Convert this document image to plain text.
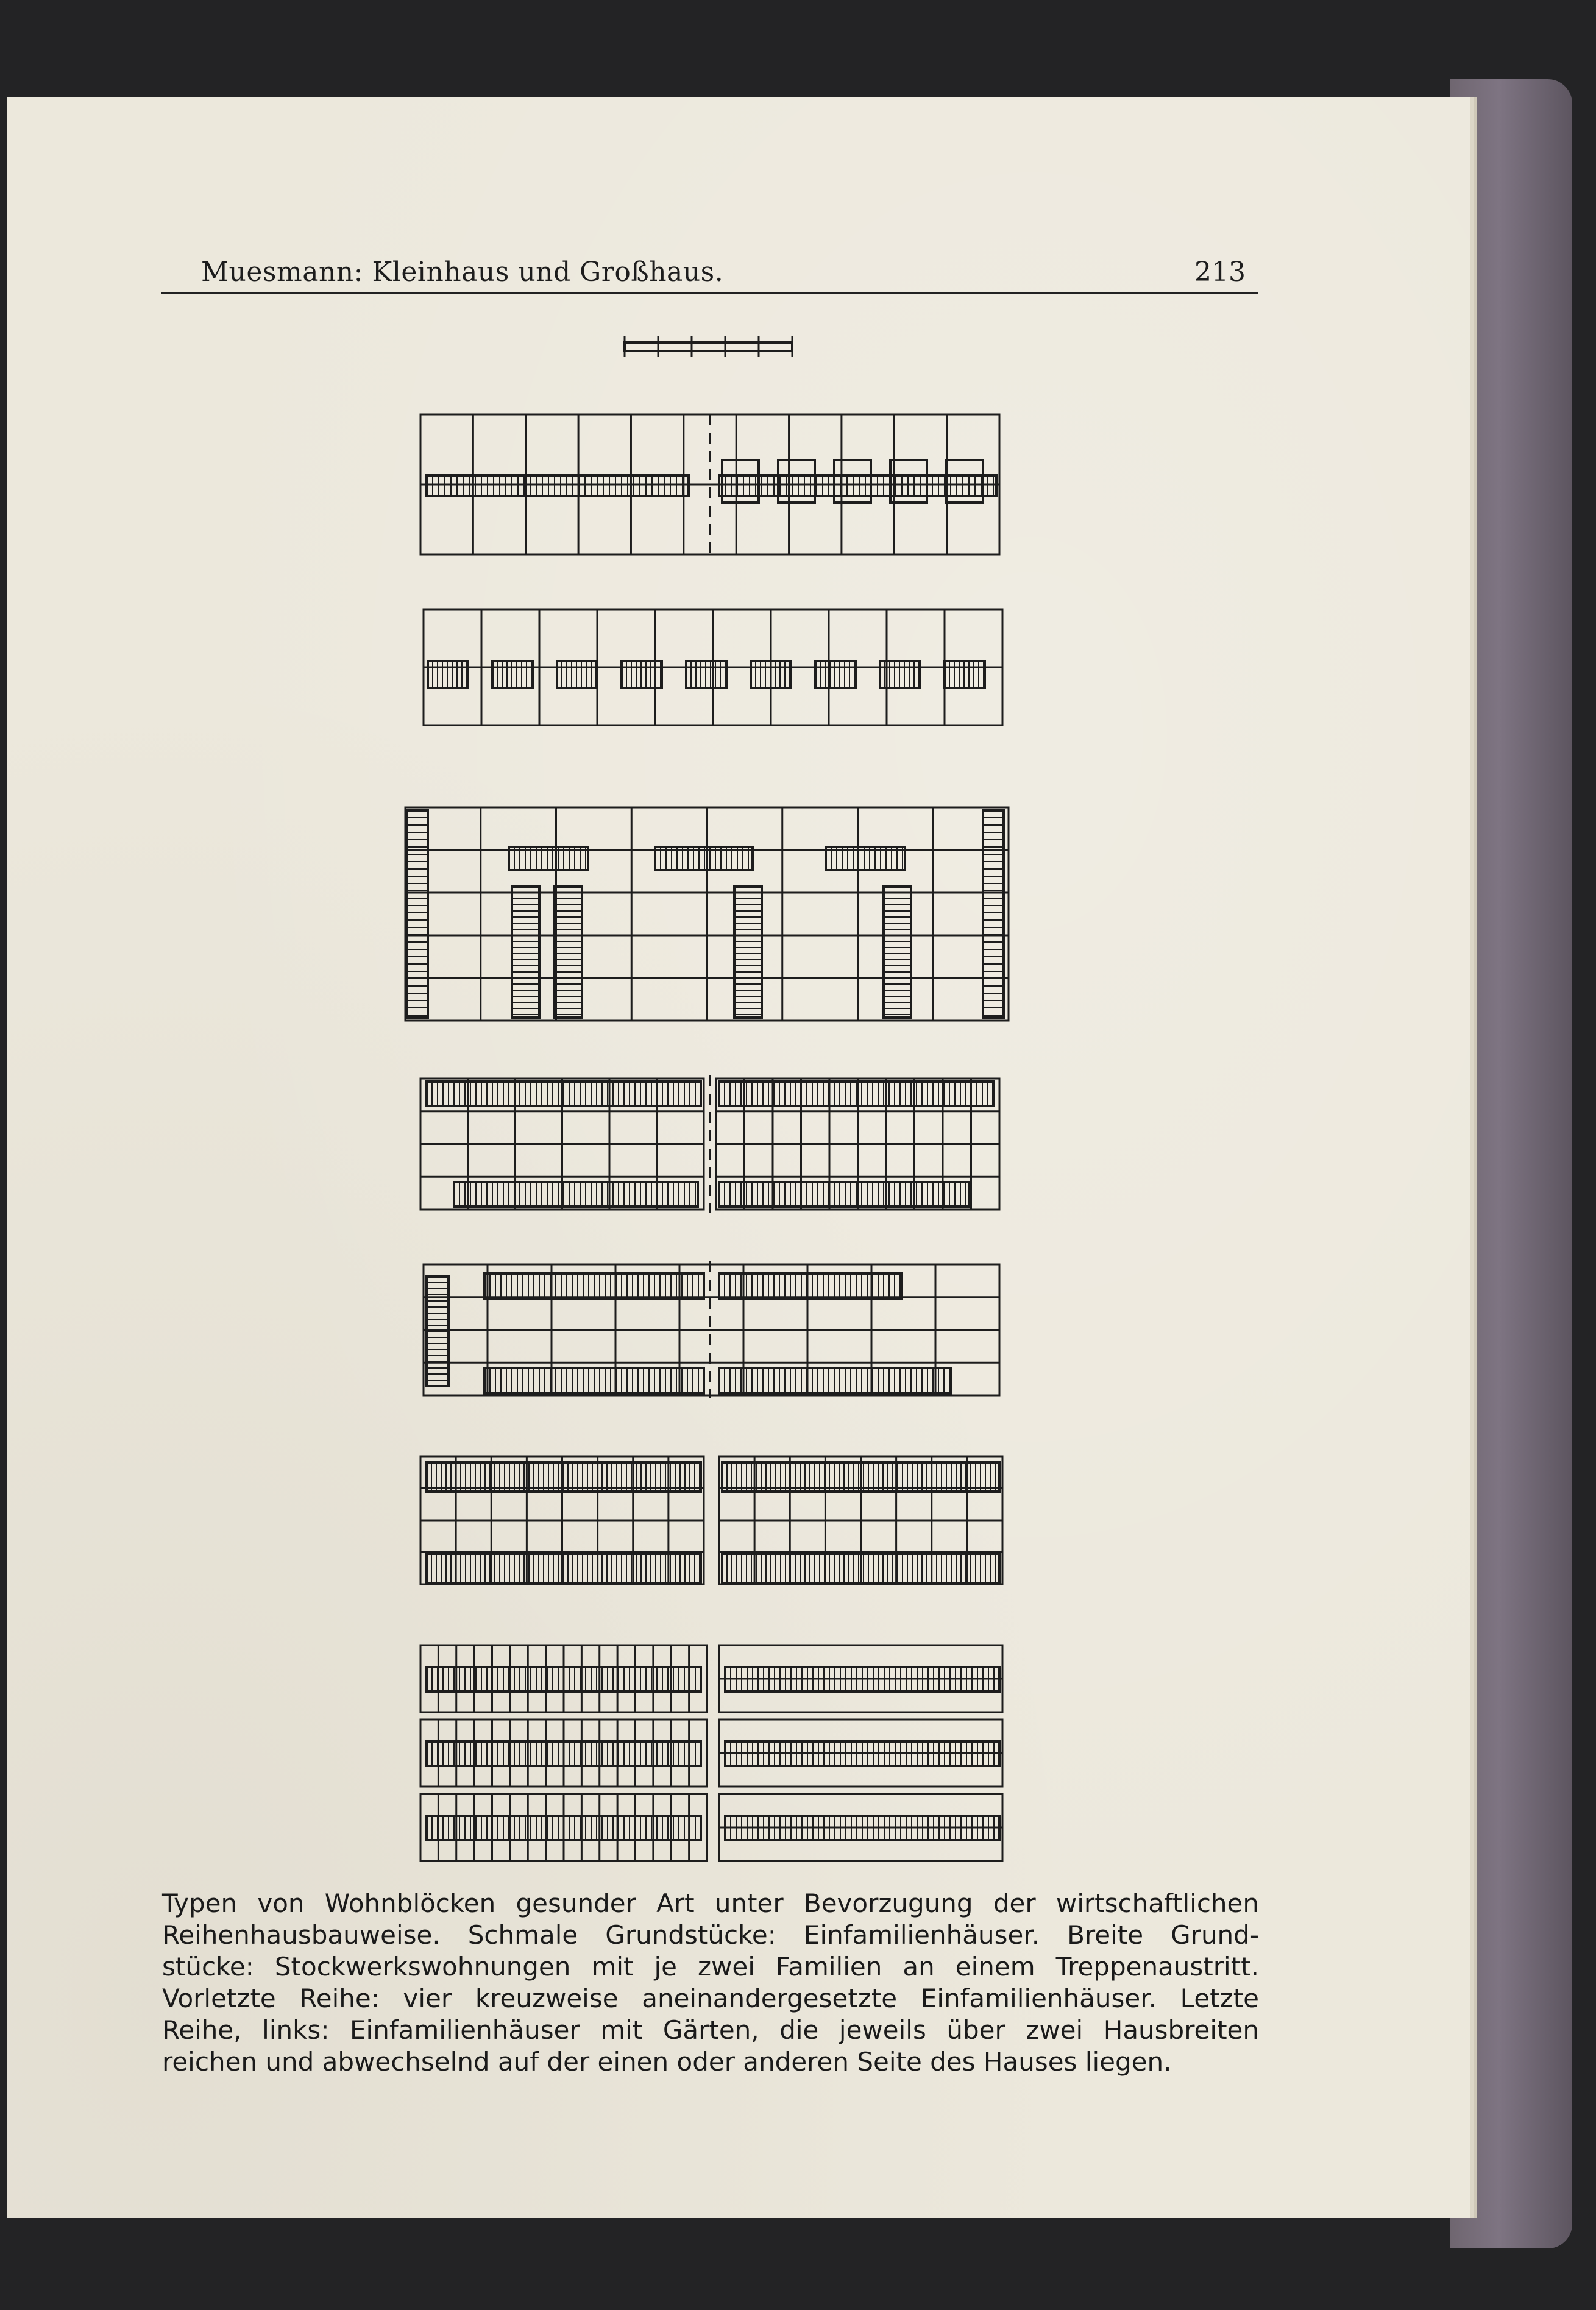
Muesmann: Kleinhaus und Großhaus.	213
Typen von Wohnblöcken gesunder Art unter Bevorzugung der wirtschaftlichen
Reihenhausbauweise. Schmale Grundstücke: Einfamilienhäuser. Breite Grund-
stücke: Stockwerkswohnungen mit je zwei Familien an einem Treppenaustritt.
Vorletzte Reihe: vier kreuzweise aneinandergesetzte Einfamilienhäuser. Letzte
Reihe, links: Einfamilienhäuser mit Gärten, die jeweils über zwei Hausbreiten
reichen und abwechselnd auf der einen oder anderen Seite des Hauses liegen.
